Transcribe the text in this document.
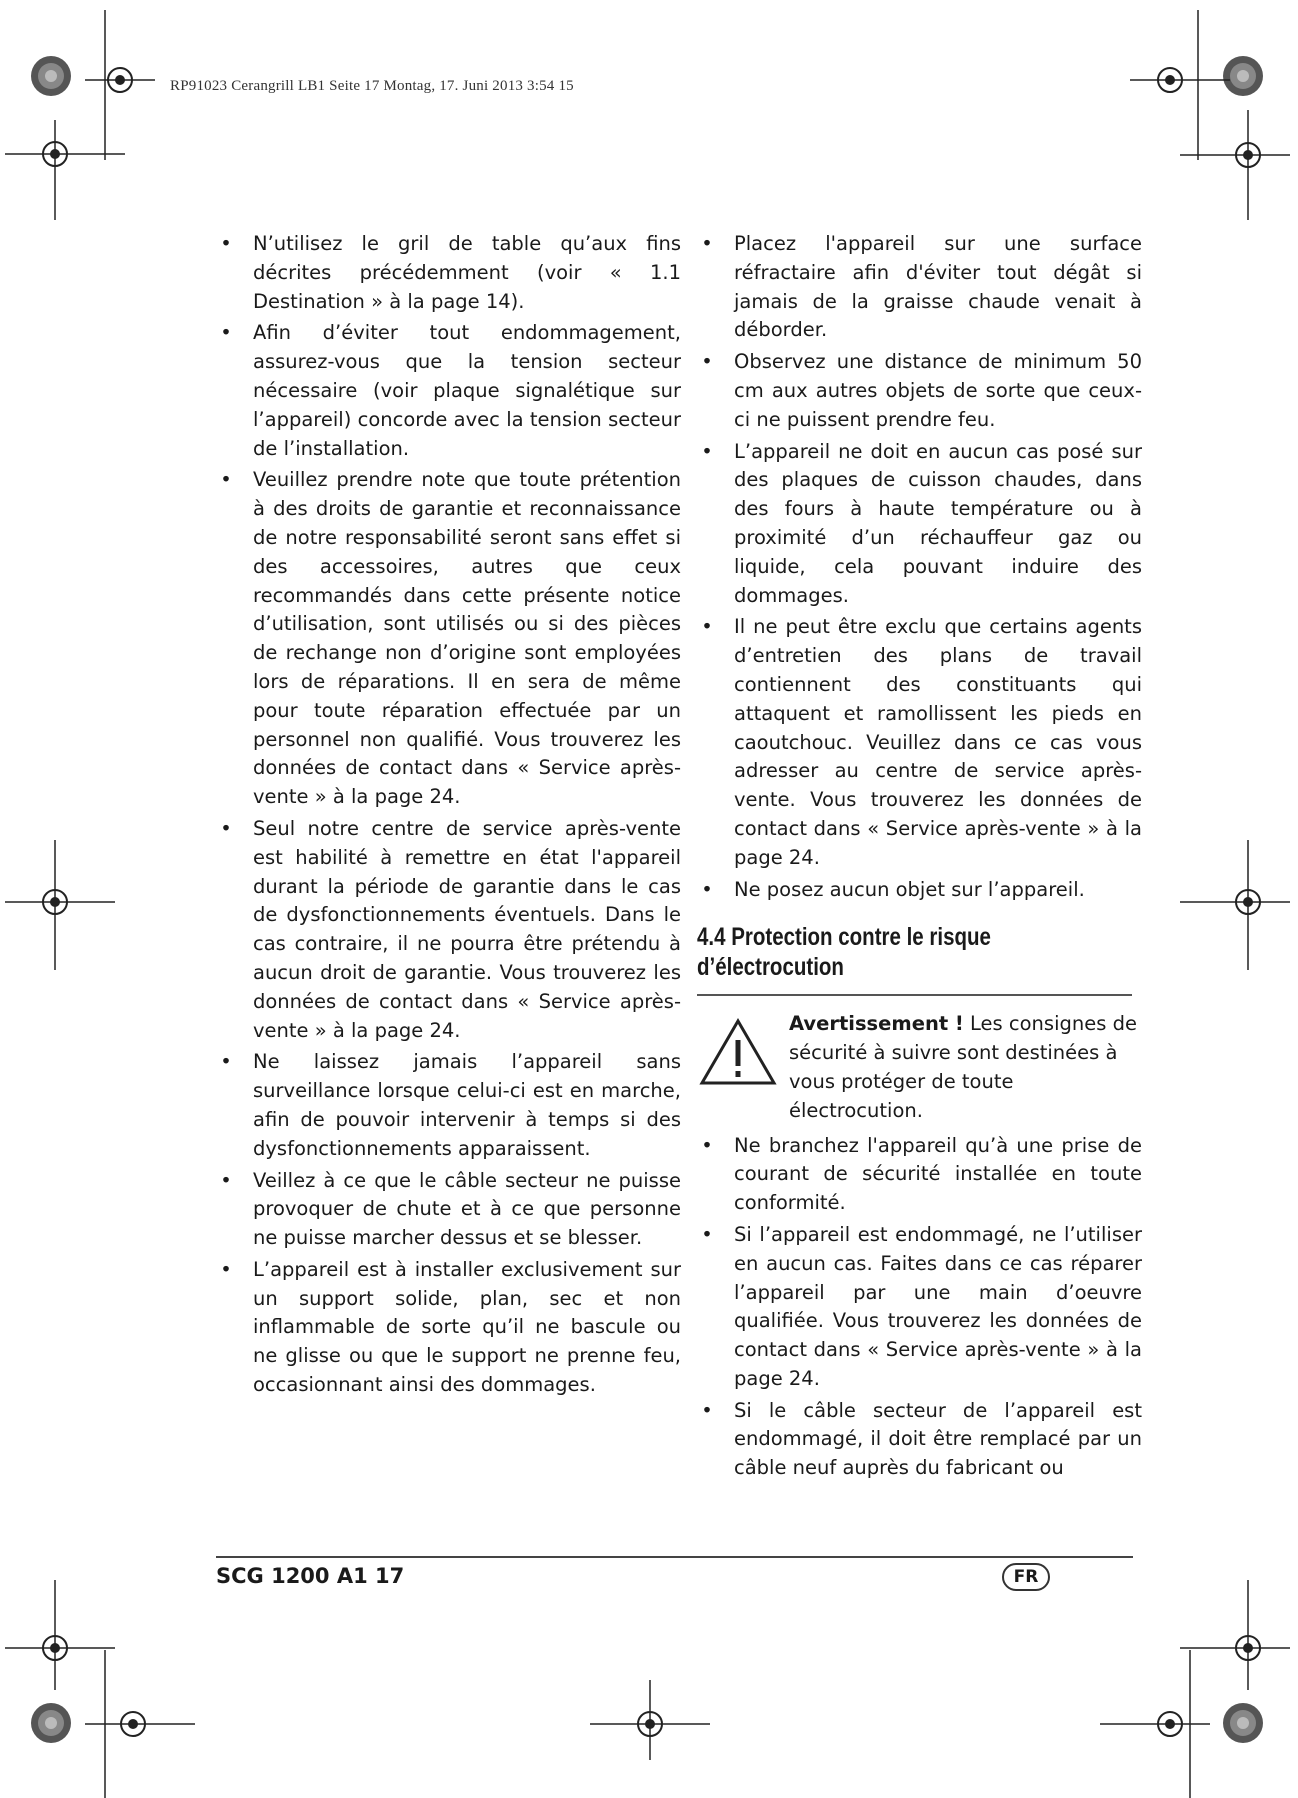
RP91023 Cerangrill LB1 Seite 17 Montag, 17. Juni 2013 3:54 15
• N’utilisez le gril de table qu’aux fins décrites précédemment (voir « 1.1 Destination » à la page 14).
• Afin d’éviter tout endommagement, assurez-vous que la tension secteur nécessaire (voir plaque signalétique sur l’appareil) concorde avec la tension secteur de l’installation.
• Veuillez prendre note que toute prétention à des droits de garantie et reconnaissance de notre responsabilité seront sans effet si des accessoires, autres que ceux recommandés dans cette présente notice d’utilisation, sont utilisés ou si des pièces de rechange non d’origine sont employées lors de réparations. Il en sera de même pour toute réparation effectuée par un personnel non qualifié. Vous trouverez les données de contact dans « Service après-vente » à la page 24.
• Seul notre centre de service après-vente est habilité à remettre en état l'appareil durant la période de garantie dans le cas de dysfonctionnements éventuels. Dans le cas contraire, il ne pourra être prétendu à aucun droit de garantie. Vous trouverez les données de contact dans « Service après-vente » à la page 24.
• Ne laissez jamais l’appareil sans surveillance lorsque celui-ci est en marche, afin de pouvoir intervenir à temps si des dysfonctionnements apparaissent.
• Veillez à ce que le câble secteur ne puisse provoquer de chute et à ce que personne ne puisse marcher dessus et se blesser.
• L’appareil est à installer exclusivement sur un support solide, plan, sec et non inflammable de sorte qu’il ne bascule ou ne glisse ou que le support ne prenne feu, occasionnant ainsi des dommages.
• Placez l'appareil sur une surface réfractaire afin d'éviter tout dégât si jamais de la graisse chaude venait à déborder.
• Observez une distance de minimum 50 cm aux autres objets de sorte que ceux-ci ne puissent prendre feu.
• L’appareil ne doit en aucun cas posé sur des plaques de cuisson chaudes, dans des fours à haute température ou à proximité d’un réchauffeur gaz ou liquide, cela pouvant induire des dommages.
• Il ne peut être exclu que certains agents d’entretien des plans de travail contiennent des constituants qui attaquent et ramollissent les pieds en caoutchouc. Veuillez dans ce cas vous adresser au centre de service après-vente. Vous trouverez les données de contact dans « Service après-vente » à la page 24.
• Ne posez aucun objet sur l’appareil.
4.4 Protection contre le risque d’électrocution
Avertissement ! Les consignes de sécurité à suivre sont destinées à vous protéger de toute électrocution.
• Ne branchez l'appareil qu’à une prise de courant de sécurité installée en toute conformité.
• Si l’appareil est endommagé, ne l’utiliser en aucun cas. Faites dans ce cas réparer l’appareil par une main d’oeuvre qualifiée. Vous trouverez les données de contact dans « Service après-vente » à la page 24.
• Si le câble secteur de l’appareil est endommagé, il doit être remplacé par un câble neuf auprès du fabricant ou
SCG 1200 A1 17	FR
